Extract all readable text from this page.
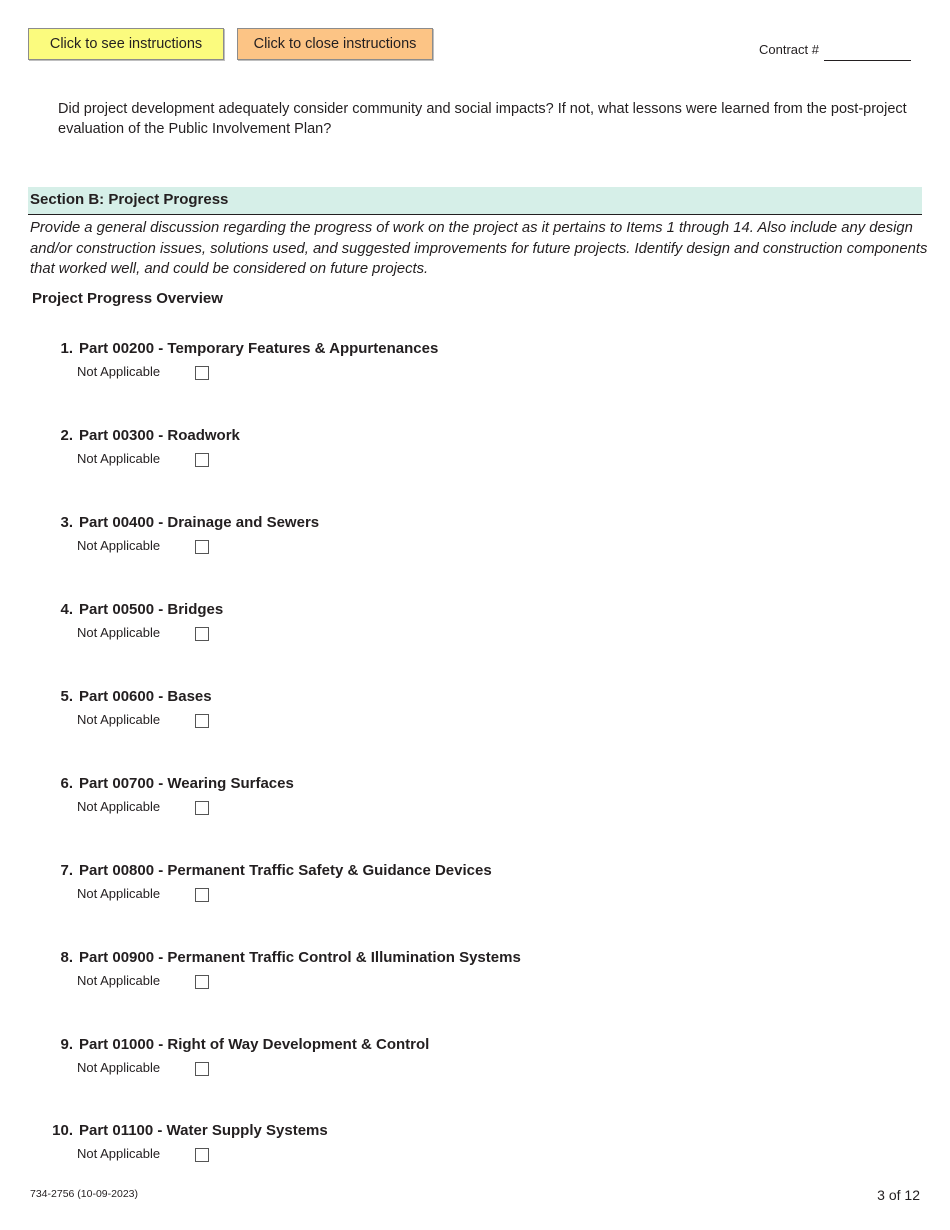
Click to see instructions	Click to close instructions	Contract #
Did project development adequately consider community and social impacts? If not, what lessons were learned from the post-project evaluation of the Public Involvement Plan?
Section B: Project Progress
Provide a general discussion regarding the progress of work on the project as it pertains to Items 1 through 14. Also include any design and/or construction issues, solutions used, and suggested improvements for future projects. Identify design and construction components that worked well, and could be considered on future projects.
Project Progress Overview
1. Part 00200 - Temporary Features & Appurtenances
Not Applicable
2. Part 00300 - Roadwork
Not Applicable
3. Part 00400 - Drainage and Sewers
Not Applicable
4. Part 00500 - Bridges
Not Applicable
5. Part 00600 - Bases
Not Applicable
6. Part 00700 - Wearing Surfaces
Not Applicable
7. Part 00800 - Permanent Traffic Safety & Guidance Devices
Not Applicable
8. Part 00900 - Permanent Traffic Control & Illumination Systems
Not Applicable
9. Part 01000 - Right of Way Development & Control
Not Applicable
10. Part 01100 - Water Supply Systems
Not Applicable
734-2756 (10-09-2023)	3 of 12
